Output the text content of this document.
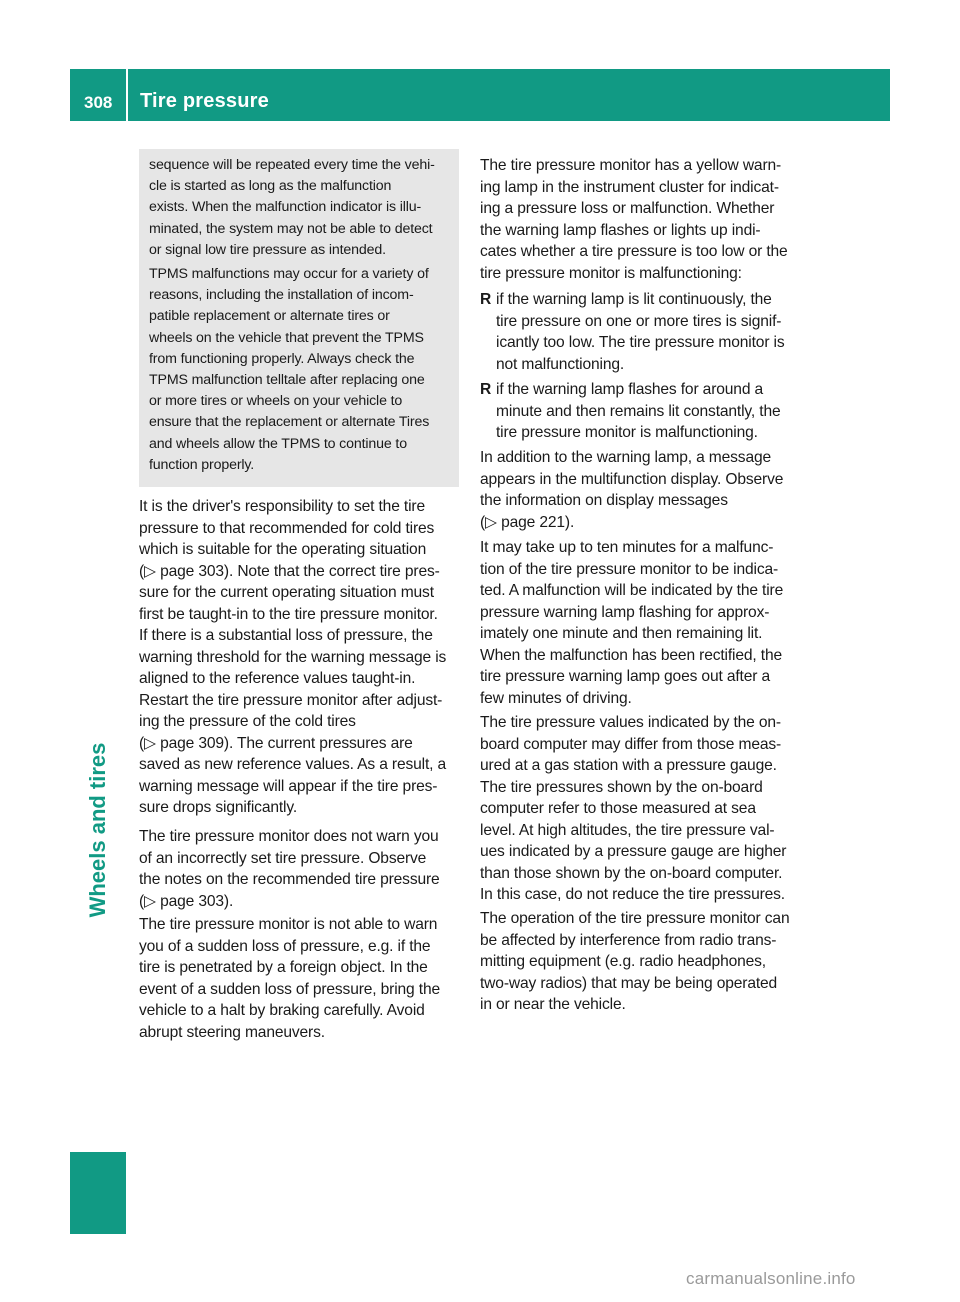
308 Tire pressure
Wheels and tires

sequence will be repeated every time the vehi-
cle is started as long as the malfunction
exists. When the malfunction indicator is illu-
minated, the system may not be able to detect
or signal low tire pressure as intended.

TPMS malfunctions may occur for a variety of
reasons, including the installation of incom-
patible replacement or alternate tires or
wheels on the vehicle that prevent the TPMS
from functioning properly. Always check the
TPMS malfunction telltale after replacing one
or more tires or wheels on your vehicle to
ensure that the replacement or alternate Tires
and wheels allow the TPMS to continue to
function properly.

It is the driver's responsibility to set the tire
pressure to that recommended for cold tires
which is suitable for the operating situation
(▷ page 303). Note that the correct tire pres-
sure for the current operating situation must
first be taught-in to the tire pressure monitor.
If there is a substantial loss of pressure, the
warning threshold for the warning message is
aligned to the reference values taught-in.
Restart the tire pressure monitor after adjust-
ing the pressure of the cold tires
(▷ page 309). The current pressures are
saved as new reference values. As a result, a
warning message will appear if the tire pres-
sure drops significantly.

The tire pressure monitor does not warn you
of an incorrectly set tire pressure. Observe
the notes on the recommended tire pressure
(▷ page 303).

The tire pressure monitor is not able to warn
you of a sudden loss of pressure, e.g. if the
tire is penetrated by a foreign object. In the
event of a sudden loss of pressure, bring the
vehicle to a halt by braking carefully. Avoid
abrupt steering maneuvers.

The tire pressure monitor has a yellow warn-
ing lamp in the instrument cluster for indicat-
ing a pressure loss or malfunction. Whether
the warning lamp flashes or lights up indi-
cates whether a tire pressure is too low or the
tire pressure monitor is malfunctioning:

R if the warning lamp is lit continuously, the
tire pressure on one or more tires is signif-
icantly too low. The tire pressure monitor is
not malfunctioning.
R if the warning lamp flashes for around a
minute and then remains lit constantly, the
tire pressure monitor is malfunctioning.

In addition to the warning lamp, a message
appears in the multifunction display. Observe
the information on display messages
(▷ page 221).

It may take up to ten minutes for a malfunc-
tion of the tire pressure monitor to be indica-
ted. A malfunction will be indicated by the tire
pressure warning lamp flashing for approx-
imately one minute and then remaining lit.
When the malfunction has been rectified, the
tire pressure warning lamp goes out after a
few minutes of driving.

The tire pressure values indicated by the on-
board computer may differ from those meas-
ured at a gas station with a pressure gauge.
The tire pressures shown by the on-board
computer refer to those measured at sea
level. At high altitudes, the tire pressure val-
ues indicated by a pressure gauge are higher
than those shown by the on-board computer.
In this case, do not reduce the tire pressures.

The operation of the tire pressure monitor can
be affected by interference from radio trans-
mitting equipment (e.g. radio headphones,
two-way radios) that may be being operated
in or near the vehicle.

carmanualsonline.info
